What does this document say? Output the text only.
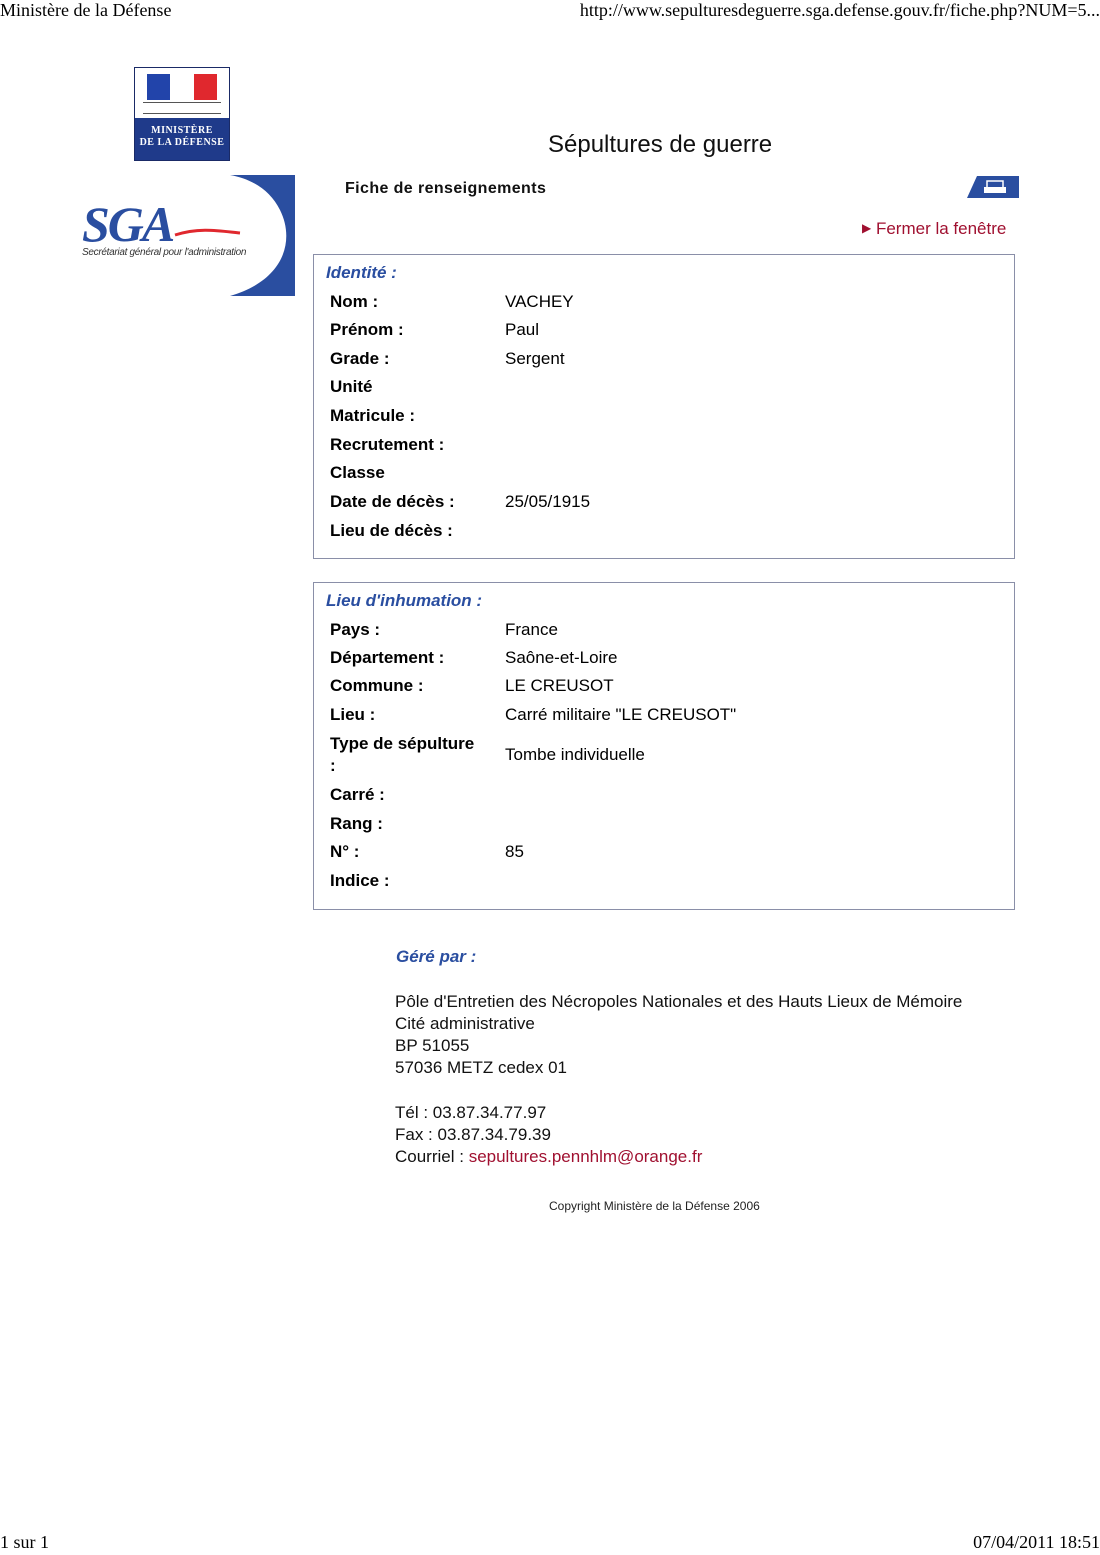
Ministère de la Défense	http://www.sepulturesdeguerre.sga.defense.gouv.fr/fiche.php?NUM=5...
1 sur 1	07/04/2011 18:51
MINISTÈRE
DE LA DÉFENSE
SGA
Secrétariat général pour l'administration
Sépultures de guerre
Fiche de renseignements
▶ Fermer la fenêtre
Identité :
Nom :	VACHEY
Prénom :	Paul
Grade :	Sergent
Unité
Matricule :
Recrutement :
Classe
Date de décès :	25/05/1915
Lieu de décès :
Lieu d'inhumation :
Pays :	France
Département :	Saône-et-Loire
Commune :	LE CREUSOT
Lieu :	Carré militaire "LE CREUSOT"
Type de sépulture
:
Tombe individuelle
Carré :
Rang :
N° :	85
Indice :
Géré par :
Pôle d'Entretien des Nécropoles Nationales et des Hauts Lieux de Mémoire
Cité administrative
BP 51055
57036 METZ cedex 01
Tél : 03.87.34.77.97
Fax : 03.87.34.79.39
Courriel : sepultures.pennhlm@orange.fr
Copyright Ministère de la Défense 2006
